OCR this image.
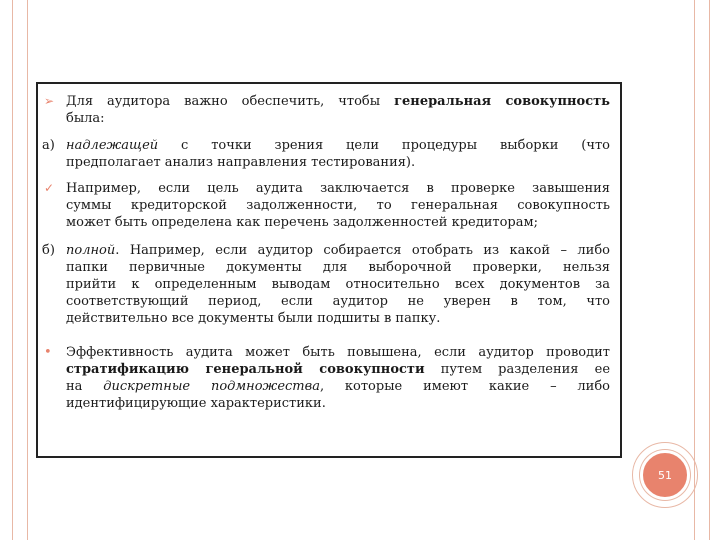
➢ Для аудитора важно обеспечить, чтобы генеральная совокупность
была:
а) надлежащей с точки зрения цели процедуры выборки (что
предполагает анализ направления тестирования).
✓ Например, если цель аудита заключается в проверке завышения
суммы кредиторской задолженности, то генеральная совокупность
может быть определена как перечень задолженностей кредиторам;
б) полной. Например, если аудитор собирается отобрать из какой – либо
папки первичные документы для выборочной проверки, нельзя
прийти к определенным выводам относительно всех документов за
соответствующий период, если аудитор не уверен в том, что
действительно все документы были подшиты в папку.
• Эффективность аудита может быть повышена, если аудитор проводит
стратификацию генеральной совокупности путем разделения ее
на дискретные подмножества, которые имеют какие – либо
идентифицирующие характеристики.
51
